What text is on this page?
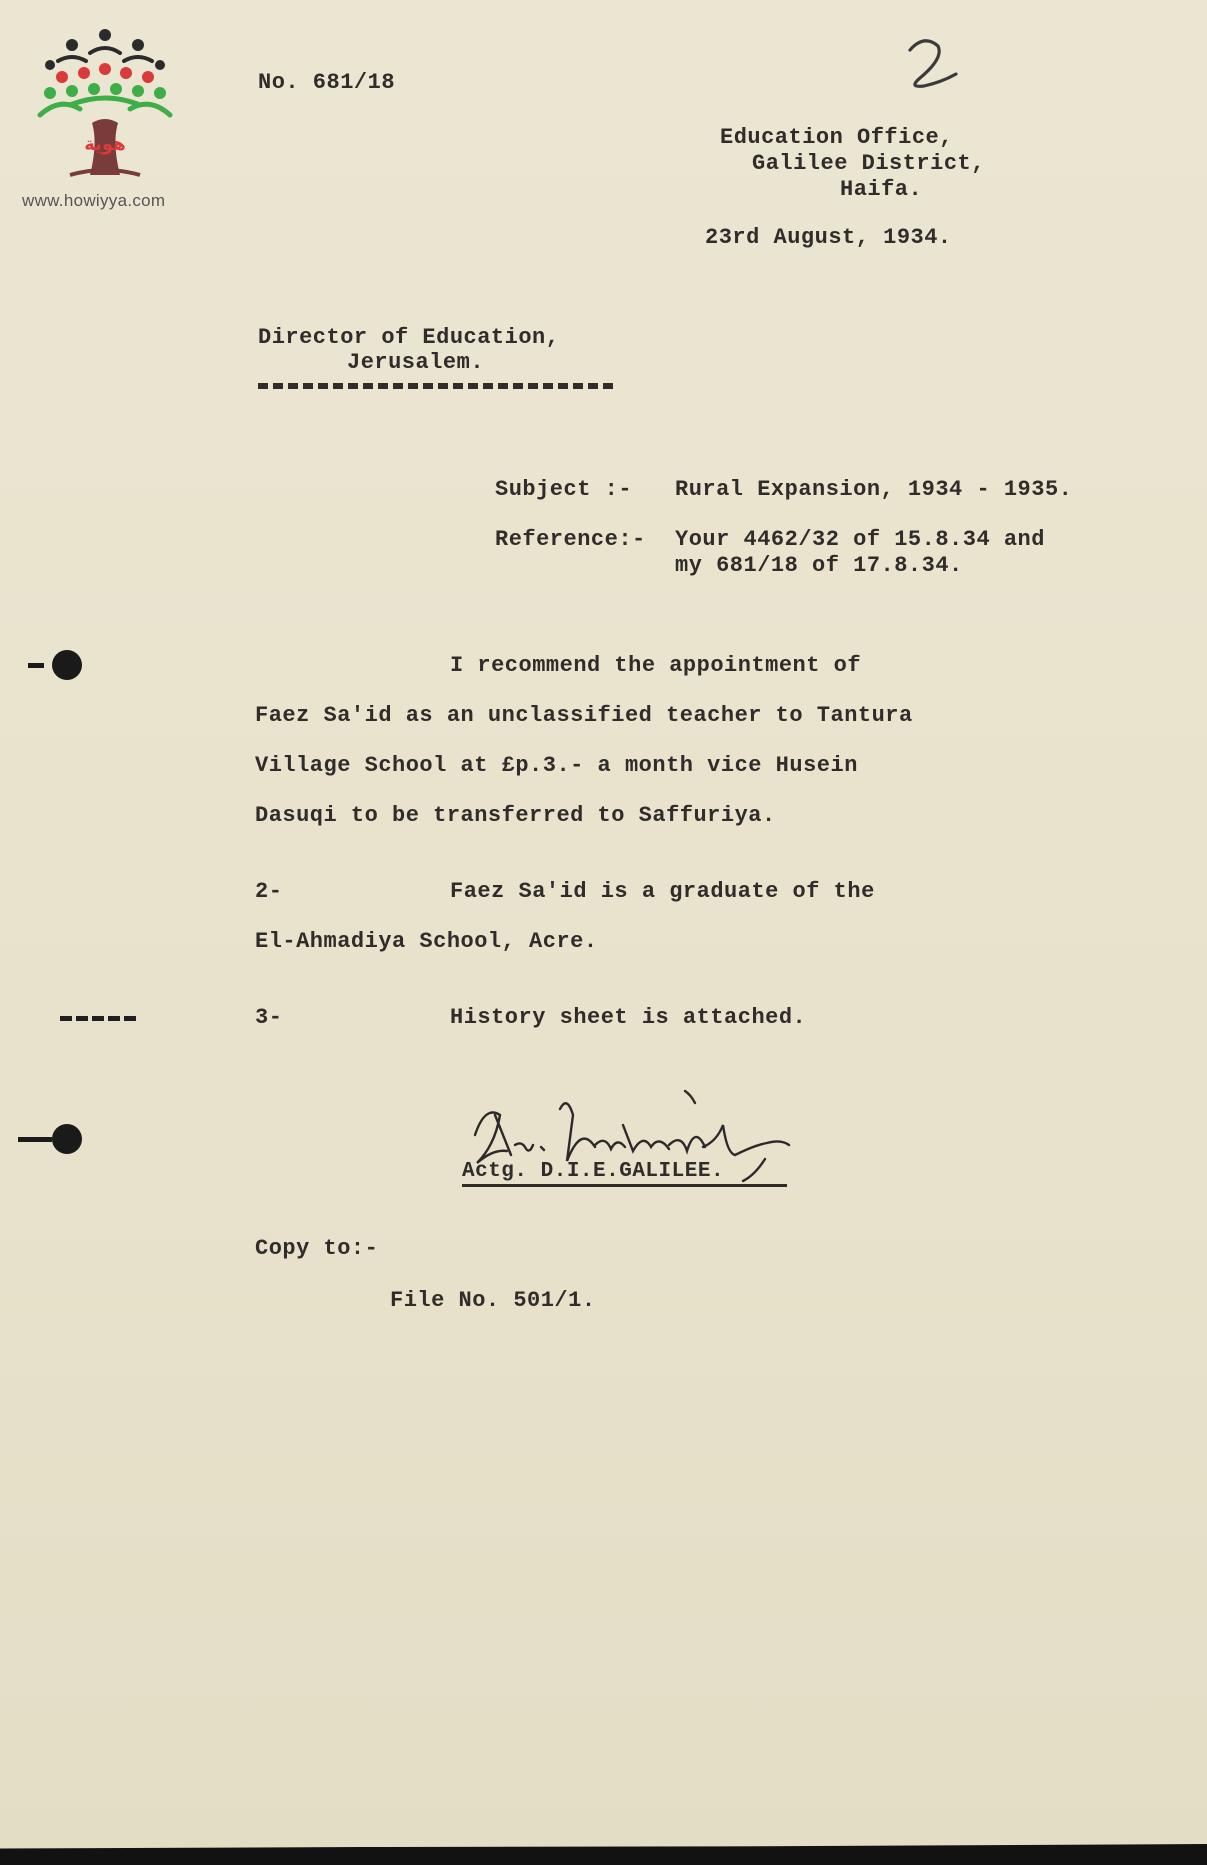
هوية
www.howiyya.com
No. 681/18
Education Office,
Galilee District,
Haifa.
23rd August, 1934.
Director of Education,
Jerusalem.
Subject :- Rural Expansion, 1934 - 1935.
Reference:- Your 4462/32 of 15.8.34 and
my 681/18 of 17.8.34.
I recommend the appointment of
Faez Sa'id as an unclassified teacher to Tantura
Village School at £p.3.- a month vice Husein
Dasuqi to be transferred to Saffuriya.
2-	Faez Sa'id is a graduate of the
El-Ahmadiya School, Acre.
3-	History sheet is attached.
Actg. D.I.E.GALILEE.
Copy to:-
File No. 501/1.
